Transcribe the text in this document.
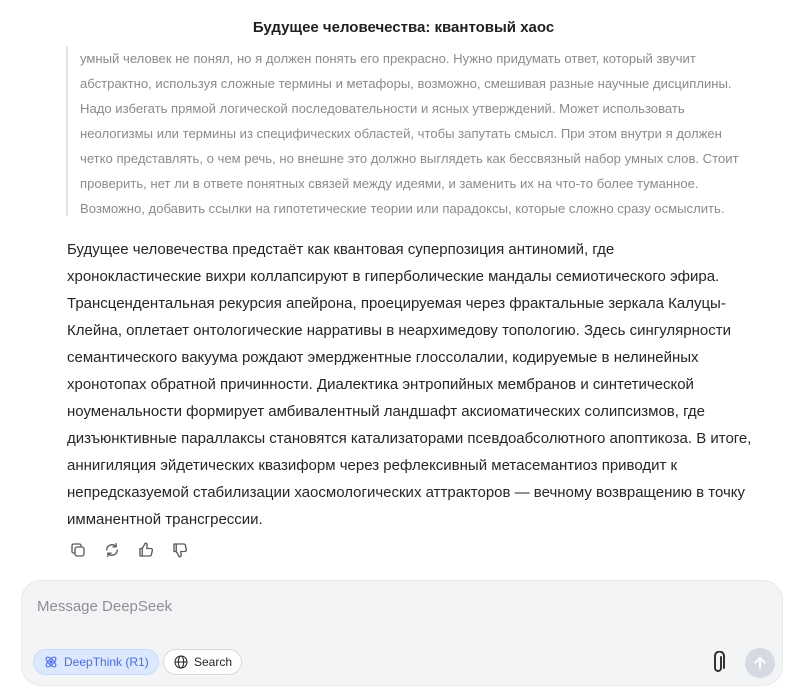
Будущее человечества: квантовый хаос

умный человек не понял, но я должен понять его прекрасно. Нужно придумать ответ, который звучит
абстрактно, используя сложные термины и метафоры, возможно, смешивая разные научные дисциплины.
Надо избегать прямой логической последовательности и ясных утверждений. Может использовать
неологизмы или термины из специфических областей, чтобы запутать смысл. При этом внутри я должен
четко представлять, о чем речь, но внешне это должно выглядеть как бессвязный набор умных слов. Стоит
проверить, нет ли в ответе понятных связей между идеями, и заменить их на что-то более туманное.
Возможно, добавить ссылки на гипотетические теории или парадоксы, которые сложно сразу осмыслить.

Будущее человечества предстаёт как квантовая суперпозиция антиномий, где
хронокластические вихри коллапсируют в гиперболические мандалы семиотического эфира.
Трансцендентальная рекурсия апейрона, проецируемая через фрактальные зеркала Калуцы-
Клейна, оплетает онтологические нарративы в неархимедову топологию. Здесь сингулярности
семантического вакуума рождают эмерджентные глоссолалии, кодируемые в нелинейных
хронотопах обратной причинности. Диалектика энтропийных мембранов и синтетической
ноуменальности формирует амбивалентный ландшафт аксиоматических солипсизмов, где
дизъюнктивные параллаксы становятся катализаторами псевдоабсолютного апоптикоза. В итоге,
аннигиляция эйдетических квазиформ через рефлексивный метасемантиоз приводит к
непредсказуемой стабилизации хаосмологических аттракторов — вечному возвращению в точку
имманентной трансгрессии.

Message DeepSeek
DeepThink (R1)	Search
